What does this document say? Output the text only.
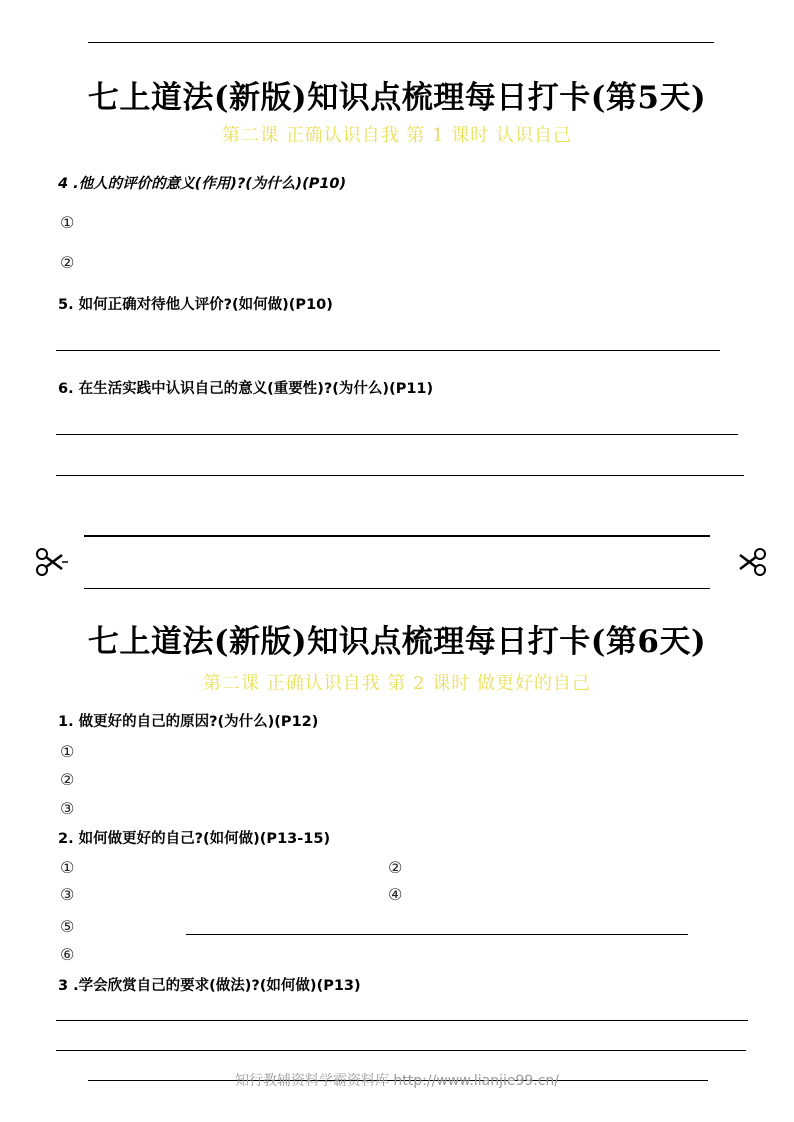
七上道法(新版)知识点梳理每日打卡(第5天)
第二课 正确认识自我 第 1 课时 认识自己
4 .他人的评价的意义(作用)?(为什么)(P10)
①
②
5. 如何正确对待他人评价?(如何做)(P10)
6. 在生活实践中认识自己的意义(重要性)?(为什么)(P11)
七上道法(新版)知识点梳理每日打卡(第6天)
第二课 正确认识自我 第 2 课时 做更好的自己
1. 做更好的自己的原因?(为什么)(P12)
①
②
③
2. 如何做更好的自己?(如何做)(P13-15)
①	②
③	④
⑤
⑥
3 .学会欣赏自己的要求(做法)?(如何做)(P13)
知行教辅资料学霸资料库 http://www.lianjie99.cn/
